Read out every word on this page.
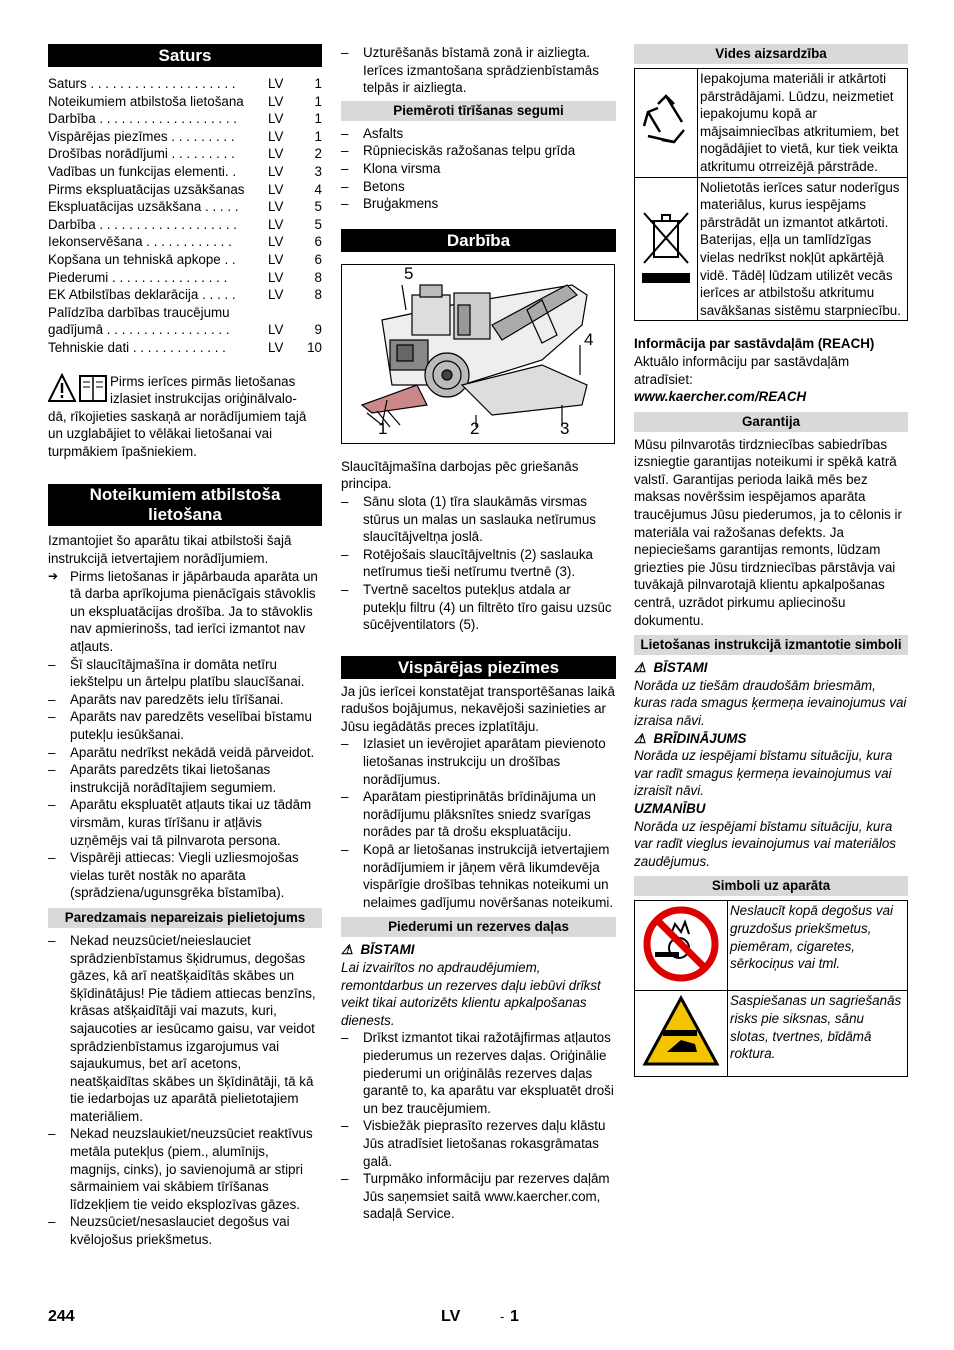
Saturs
Saturs . . . . . . . . . . . . . . . . . . . .	LV	1
Noteikumiem atbilstoša lietošana	LV	1
Darbība . . . . . . . . . . . . . . . . . . .	LV	1
Vispārējas piezīmes . . . . . . . . .	LV	1
Drošības norādījumi . . . . . . . . .	LV	2
Vadības un funkcijas elementi. .	LV	3
Pirms ekspluatācijas uzsākšanas	LV	4
Ekspluatācijas uzsākšana . . . . .	LV	5
Darbība . . . . . . . . . . . . . . . . . . .	LV	5
Iekonservēšana . . . . . . . . . . . .	LV	6
Kopšana un tehniskā apkope . .	LV	6
Piederumi . . . . . . . . . . . . . . . .	LV	8
EK Atbilstības deklarācija . . . . .	LV	8
Palīdzība darbības traucējumu
gadījumā . . . . . . . . . . . . . . . . .	LV	9
Tehniskie dati . . . . . . . . . . . . .	LV	10

Pirms ierīces pirmās lietošanas

izlasiet instrukcijas oriģinālvalo-

dā, rīkojieties saskaņā ar norādījumiem tajā un uzglabājiet to vēlākai lietošanai vai turpmākiem īpašniekiem.

Noteikumiem atbilstoša lietošana

Izmantojiet šo aparātu tikai atbilstoši šajā instrukcijā ietvertajiem norādījumiem.

➔ Pirms lietošanas ir jāpārbauda aparāta un tā darba aprīkojuma pienācīgais stāvoklis un ekspluatācijas drošība. Ja to stāvoklis nav apmierinošs, tad ierīci izmantot nav atļauts.

– Šī slaucītājmašīna ir domāta netīru iekštelpu un ārtelpu platību slaucīšanai.

– Aparāts nav paredzēts ielu tīrīšanai.

– Aparāts nav paredzēts veselībai bīstamu putekļu iesūkšanai.

– Aparātu nedrīkst nekādā veidā pārveidot.

– Aparāts paredzēts tikai lietošanas instrukcijā norādītajiem segumiem.

– Aparātu ekspluatēt atļauts tikai uz tādām virsmām, kuras tīrīšanu ir atļāvis uzņēmējs vai tā pilnvarota persona.

– Vispārēji attiecas: Viegli uzliesmojošas vielas turēt nostāk no aparāta (sprādziena/ugunsgrēka bīstamība).

Paredzamais nepareizais pielietojums

– Nekad neuzsūciet/neieslauciet sprādzienbīstamus šķidrumus, degošas gāzes, kā arī neatšķaidītās skābes un šķīdinātājus! Pie tādiem attiecas benzīns, krāsas atšķaidītāji vai mazuts, kuri, sajaucoties ar iesūcamo gaisu, var veidot sprādzienbīstamus izgarojumus vai sajaukumus, bet arī acetons, neatšķaidītas skābes un šķīdinātāji, tā kā tie iedarbojas uz aparātā pielietotajiem materiāliem.

– Nekad neuzslaukiet/neuzsūciet reaktīvus metāla putekļus (piem., alumīnijs, magnijs, cinks), jo savienojumā ar stipri sārmainiem vai skābiem tīrīšanas līdzekļiem tie veido eksplozīvas gāzes.

– Neuzsūciet/nesaslauciet degošus vai kvēlojošus priekšmetus.

– Uzturēšanās bīstamā zonā ir aizliegta. Ierīces izmantošana sprādzienbīstamās telpās ir aizliegta.

Piemēroti tīrīšanas segumi

– Asfalts

– Rūpnieciskās ražošanas telpu grīda

– Klona virsma

– Betons

– Bruģakmens

Darbība
5
4
1	2	3

Slaucītājmašīna darbojas pēc griešanās principa.

– Sānu slota (1) tīra slaukāmās virsmas stūrus un malas un saslauka netīrumus slaucītājveltņa joslā.

– Rotējošais slaucītājveltnis (2) saslauka netīrumus tieši netīrumu tvertnē (3).

– Tvertnē saceltos putekļus atdala ar putekļu filtru (4) un filtrēto tīro gaisu uzsūc sūcējventilators (5).

Vispārējas piezīmes

Ja jūs ierīcei konstatējat transportēšanas laikā radušos bojājumus, nekavējoši sazinieties ar Jūsu iegādātās preces izplatītāju.

– Izlasiet un ievērojiet aparātam pievienoto lietošanas instrukciju un drošības norādījumus.

– Aparātam piestiprinātās brīdinājuma un norādījumu plāksnītes sniedz svarīgas norādes par tā drošu ekspluatāciju.

– Kopā ar lietošanas instrukcijā ietvertajiem norādījumiem ir jāņem vērā likumdevēja vispārīgie drošības tehnikas noteikumi un nelaimes gadījumu novēršanas noteikumi.

Piederumi un rezerves daļas

⚠ BĪSTAMI

Lai izvairītos no apdraudējumiem, remontdarbus un rezerves daļu iebūvi drīkst veikt tikai autorizēts klientu apkalpošanas dienests.

– Drīkst izmantot tikai ražotājfirmas atļautos piederumus un rezerves daļas. Oriģinālie piederumi un oriģinālās rezerves daļas garantē to, ka aparātu var ekspluatēt droši un bez traucējumiem.

– Visbiežāk pieprasīto rezerves daļu klāstu Jūs atradīsiet lietošanas rokasgrāmatas galā.

– Turpmāko informāciju par rezerves daļām Jūs saņemsiet saitā www.kaercher.com, sadaļā Service.

Vides aizsardzība
	Iepakojuma materiāli ir atkārtoti pārstrādājami. Lūdzu, neizmetiet iepakojumu kopā ar mājsaimniecības atkritumiem, bet nogādājiet to vietā, kur tiek veikta atkritumu otrreizējā pārstrāde.
	Nolietotās ierīces satur noderīgus materiālus, kurus iespējams pārstrādāt un izmantot atkārtoti. Baterijas, eļļa un tamlīdzīgas vielas nedrīkst nokļūt apkārtējā vidē. Tādēļ lūdzam utilizēt vecās ierīces ar atbilstošu atkritumu savākšanas sistēmu starpniecību.

Informācija par sastāvdaļām (REACH)

Aktuālo informāciju par sastāvdaļām atradīsiet:

www.kaercher.com/REACH

Garantija

Mūsu pilnvarotās tirdzniecības sabiedrības izsniegtie garantijas noteikumi ir spēkā katrā valstī. Garantijas perioda laikā mēs bez maksas novēršsim iespējamos aparāta traucējumus Jūsu piederumos, ja to cēlonis ir materiāla vai ražošanas defekts. Ja nepieciešams garantijas remonts, lūdzam griezties pie Jūsu tirdzniecības pārstāvja vai tuvākajā pilnvarotajā klientu apkalpošanas centrā, uzrādot pirkumu apliecinošu dokumentu.

Lietošanas instrukcijā izmantotie simboli

⚠ BĪSTAMI

Norāda uz tiešām draudošām briesmām, kuras rada smagus ķermeņa ievainojumus vai izraisa nāvi.

⚠ BRĪDINĀJUMS

Norāda uz iespējami bīstamu situāciju, kura var radīt smagus ķermeņa ievainojumus vai izraisīt nāvi.

UZMANĪBU

Norāda uz iespējami bīstamu situāciju, kura var radīt vieglus ievainojumus vai materiālos zaudējumus.

Simboli uz aparāta
	Neslaucīt kopā degošus vai gruzdošus priekšmetus, piemēram, cigaretes, sērkociņus vai tml.
	Saspiešanas un sagriešanās risks pie siksnas, sānu slotas, tvertnes, bīdāmā roktura.
244	LV	- 1
